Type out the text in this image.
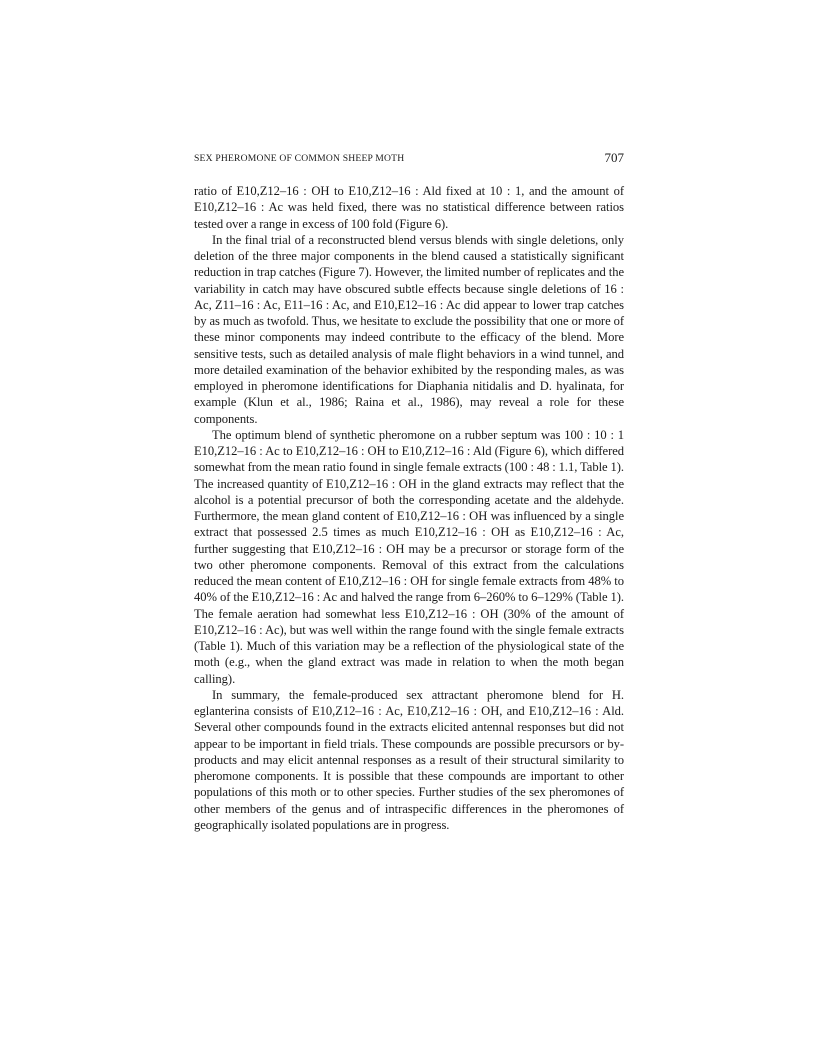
SEX PHEROMONE OF COMMON SHEEP MOTH	707

ratio of E10,Z12–16 : OH to E10,Z12–16 : Ald fixed at 10 : 1, and the amount of E10,Z12–16 : Ac was held fixed, there was no statistical difference between ratios tested over a range in excess of 100 fold (Figure 6).

In the final trial of a reconstructed blend versus blends with single deletions, only deletion of the three major components in the blend caused a statistically significant reduction in trap catches (Figure 7). However, the limited number of replicates and the variability in catch may have obscured subtle effects because single deletions of 16 : Ac, Z11–16 : Ac, E11–16 : Ac, and E10,E12–16 : Ac did appear to lower trap catches by as much as twofold. Thus, we hesitate to exclude the possibility that one or more of these minor components may indeed contribute to the efficacy of the blend. More sensitive tests, such as detailed analysis of male flight behaviors in a wind tunnel, and more detailed examination of the behavior exhibited by the responding males, as was employed in pheromone identifications for Diaphania nitidalis and D. hyalinata, for example (Klun et al., 1986; Raina et al., 1986), may reveal a role for these components.

The optimum blend of synthetic pheromone on a rubber septum was 100 : 10 : 1 E10,Z12–16 : Ac to E10,Z12–16 : OH to E10,Z12–16 : Ald (Figure 6), which differed somewhat from the mean ratio found in single female extracts (100 : 48 : 1.1, Table 1). The increased quantity of E10,Z12–16 : OH in the gland extracts may reflect that the alcohol is a potential precursor of both the corresponding acetate and the aldehyde. Furthermore, the mean gland content of E10,Z12–16 : OH was influenced by a single extract that possessed 2.5 times as much E10,Z12–16 : OH as E10,Z12–16 : Ac, further suggesting that E10,Z12–16 : OH may be a precursor or storage form of the two other pheromone components. Removal of this extract from the calculations reduced the mean content of E10,Z12–16 : OH for single female extracts from 48% to 40% of the E10,Z12–16 : Ac and halved the range from 6–260% to 6–129% (Table 1). The female aeration had somewhat less E10,Z12–16 : OH (30% of the amount of E10,Z12–16 : Ac), but was well within the range found with the single female extracts (Table 1). Much of this variation may be a reflection of the physiological state of the moth (e.g., when the gland extract was made in relation to when the moth began calling).

In summary, the female-produced sex attractant pheromone blend for H. eglanterina consists of E10,Z12–16 : Ac, E10,Z12–16 : OH, and E10,Z12–16 : Ald. Several other compounds found in the extracts elicited antennal responses but did not appear to be important in field trials. These compounds are possible precursors or by-products and may elicit antennal responses as a result of their structural similarity to pheromone components. It is possible that these compounds are important to other populations of this moth or to other species. Further studies of the sex pheromones of other members of the genus and of intraspecific differences in the pheromones of geographically isolated populations are in progress.
